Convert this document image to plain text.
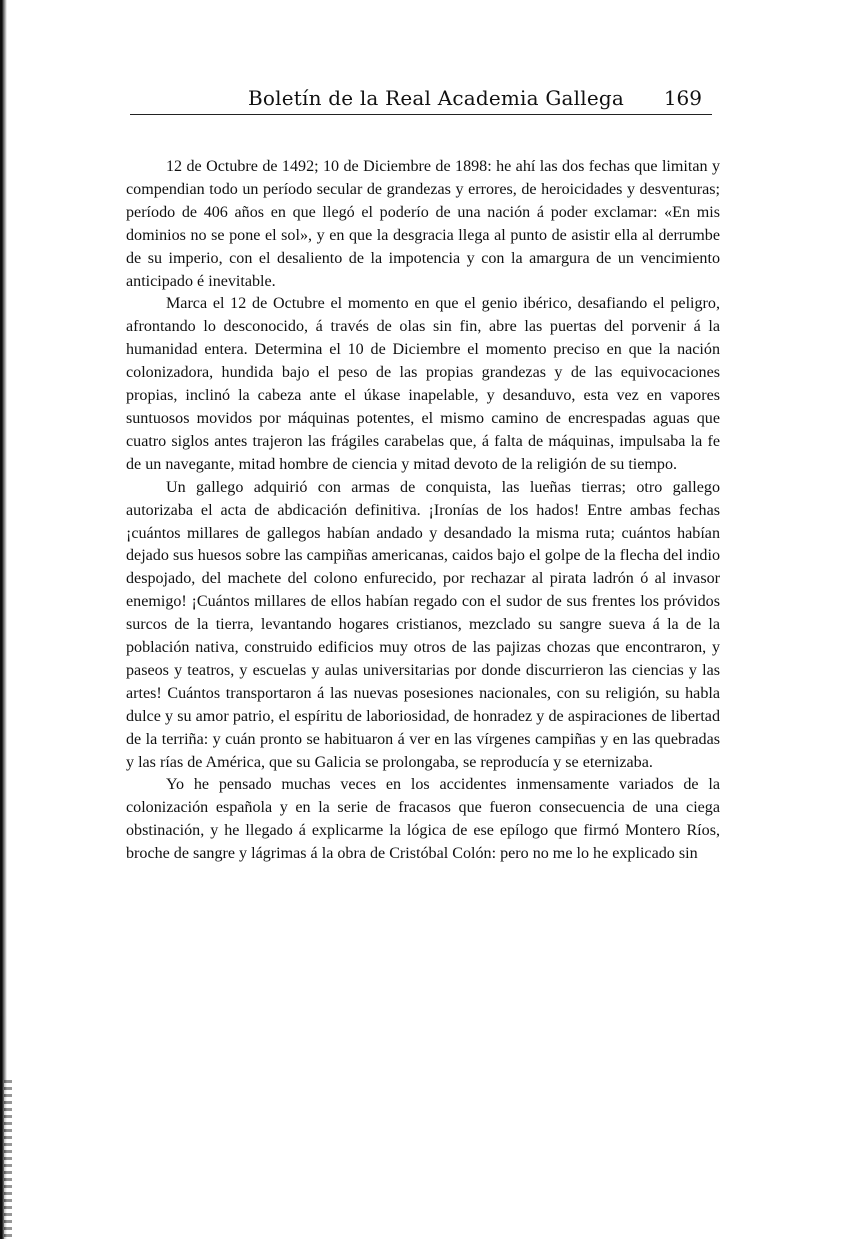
Boletín de la Real Academia Gallega 169

12 de Octubre de 1492; 10 de Diciembre de 1898: he ahí las dos fechas que limitan y compendian todo un período secular de grandezas y errores, de heroicidades y desventuras; período de 406 años en que llegó el poderío de una nación á poder exclamar: «En mis dominios no se pone el sol», y en que la desgracia llega al punto de asistir ella al derrumbe de su imperio, con el desaliento de la impotencia y con la amargura de un vencimiento anticipado é inevitable.

Marca el 12 de Octubre el momento en que el genio ibérico, desafiando el peligro, afrontando lo desconocido, á través de olas sin fin, abre las puertas del porvenir á la humanidad entera. Determina el 10 de Diciembre el momento preciso en que la nación colonizadora, hundida bajo el peso de las propias grandezas y de las equivocaciones propias, inclinó la cabeza ante el úkase inapelable, y desanduvo, esta vez en vapores suntuosos movidos por máquinas potentes, el mismo camino de encrespadas aguas que cuatro siglos antes trajeron las frágiles carabelas que, á falta de máquinas, impulsaba la fe de un navegante, mitad hombre de ciencia y mitad devoto de la religión de su tiempo.

Un gallego adquirió con armas de conquista, las lueñas tierras; otro gallego autorizaba el acta de abdicación definitiva. ¡Ironías de los hados! Entre ambas fechas ¡cuántos millares de gallegos habían andado y desandado la misma ruta; cuántos habían dejado sus huesos sobre las campiñas americanas, caidos bajo el golpe de la flecha del indio despojado, del machete del colono enfurecido, por rechazar al pirata ladrón ó al invasor enemigo! ¡Cuántos millares de ellos habían regado con el sudor de sus frentes los próvidos surcos de la tierra, levantando hogares cristianos, mezclado su sangre sueva á la de la población nativa, construido edificios muy otros de las pajizas chozas que encontraron, y paseos y teatros, y escuelas y aulas universitarias por donde discurrieron las ciencias y las artes! Cuántos transportaron á las nuevas posesiones nacionales, con su religión, su habla dulce y su amor patrio, el espíritu de laboriosidad, de honradez y de aspiraciones de libertad de la terriña: y cuán pronto se habituaron á ver en las vírgenes campiñas y en las quebradas y las rías de América, que su Galicia se prolongaba, se reproducía y se eternizaba.

Yo he pensado muchas veces en los accidentes inmensamente variados de la colonización española y en la serie de fracasos que fueron consecuencia de una ciega obstinación, y he llegado á explicarme la lógica de ese epílogo que firmó Montero Ríos, broche de sangre y lágrimas á la obra de Cristóbal Colón: pero no me lo he explicado sin
